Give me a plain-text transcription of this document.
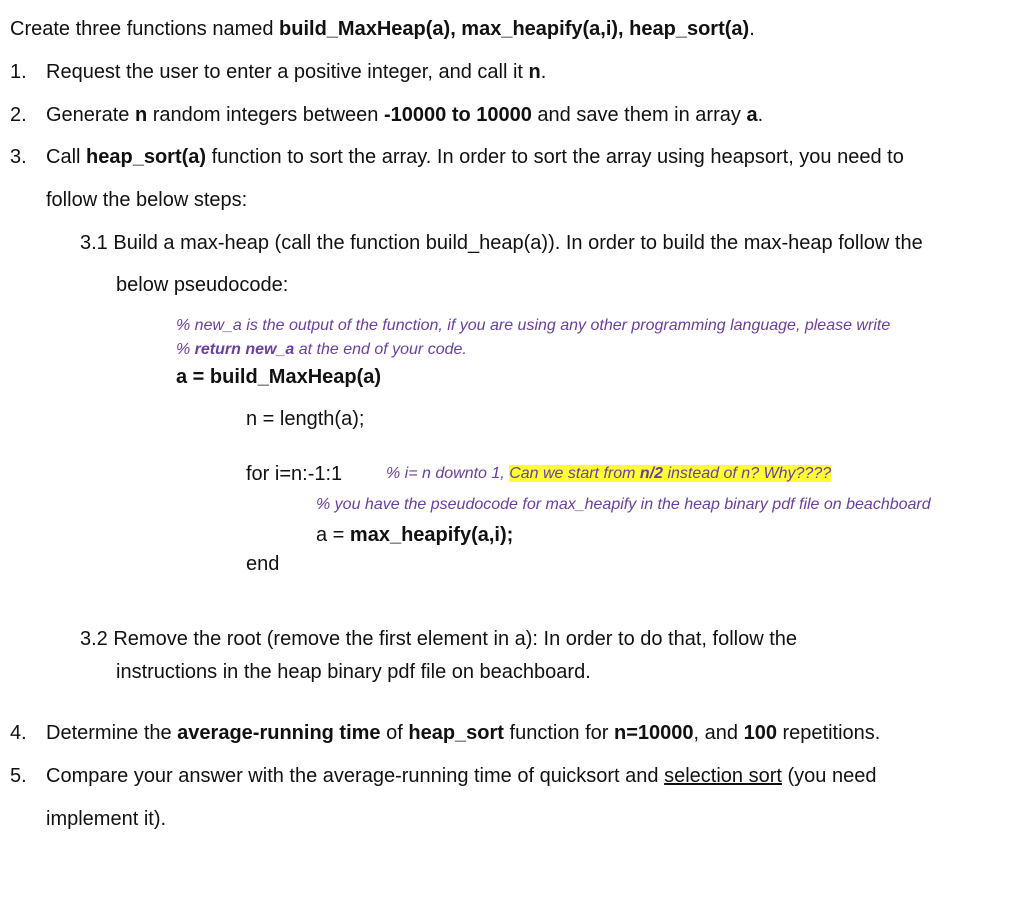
Create three functions named build_MaxHeap(a), max_heapify(a,i), heap_sort(a).
1. Request the user to enter a positive integer, and call it n.
2. Generate n random integers between -10000 to 10000 and save them in array a.
3. Call heap_sort(a) function to sort the array. In order to sort the array using heapsort, you need to
follow the below steps:
3.1 Build a max-heap (call the function build_heap(a)). In order to build the max-heap follow the
below pseudocode:
% new_a is the output of the function, if you are using any other programming language, please write
% return new_a at the end of your code.
a = build_MaxHeap(a)
n = length(a);
for i=n:-1:1	% i= n downto 1, Can we start from n/2 instead of n? Why????
% you have the pseudocode for max_heapify in the heap binary pdf file on beachboard
a = max_heapify(a,i);
end
3.2 Remove the root (remove the first element in a): In order to do that, follow the
instructions in the heap binary pdf file on beachboard.
4. Determine the average-running time of heap_sort function for n=10000, and 100 repetitions.
5. Compare your answer with the average-running time of quicksort and selection sort (you need
implement it).
